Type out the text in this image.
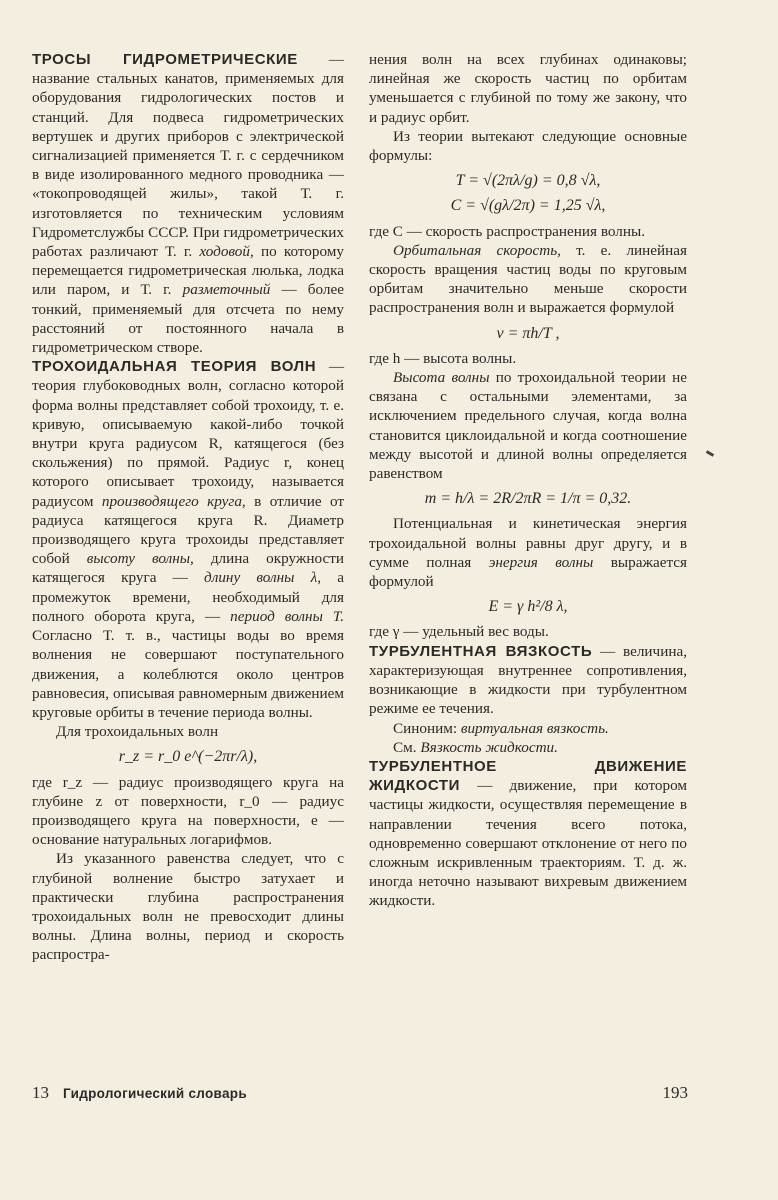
ТРОСЫ ГИДРОМЕТРИЧЕСКИЕ — название стальных канатов, применяемых для оборудования гидрологических постов и станций. Для подвеса гидрометрических вертушек и других приборов с электрической сигнализацией применяется Т. г. с сердечником в виде изолированного медного проводника — «токопроводящей жилы», такой Т. г. изготовляется по техническим условиям Гидрометслужбы СССР. При гидрометрических работах различают Т. г. ходовой, по которому перемещается гидрометрическая люлька, лодка или паром, и Т. г. разметочный — более тонкий, применяемый для отсчета по нему расстояний от постоянного начала в гидрометрическом створе.

ТРОХОИДАЛЬНАЯ ТЕОРИЯ ВОЛН — теория глубоководных волн, согласно которой форма волны представляет собой трохоиду, т. е. кривую, описываемую какой-либо точкой внутри круга радиусом R, катящегося (без скольжения) по прямой. Радиус r, конец которого описывает трохоиду, называется радиусом производящего круга, в отличие от радиуса катящегося круга R. Диаметр производящего круга трохоиды представляет собой высоту волны, длина окружности катящегося круга — длину волны λ, а промежуток времени, необходимый для полного оборота круга, — период волны T. Согласно Т. т. в., частицы воды во время волнения не совершают поступательного движения, а колеблются около центров равновесия, описывая равномерным движением круговые орбиты в течение периода волны.

Для трохоидальных волн

r_z = r_0 e^(−2πr/λ),

где r_z — радиус производящего круга на глубине z от поверхности, r_0 — радиус производящего круга на поверхности, e — основание натуральных логарифмов.

Из указанного равенства следует, что с глубиной волнение быстро затухает и практически глубина распространения трохоидальных волн не превосходит длины волны. Длина волны, период и скорость распростра-

нения волн на всех глубинах одинаковы; линейная же скорость частиц по орбитам уменьшается с глубиной по тому же закону, что и радиус орбит.

Из теории вытекают следующие основные формулы:

T = √(2πλ/g) = 0,8 √λ,

C = √(gλ/2π) = 1,25 √λ,

где C — скорость распространения волны.

Орбитальная скорость, т. е. линейная скорость вращения частиц воды по круговым орбитам значительно меньше скорости распространения волн и выражается формулой

v = πh/T ,

где h — высота волны.

Высота волны по трохоидальной теории не связана с остальными элементами, за исключением предельного случая, когда волна становится циклоидальной и когда соотношение между высотой и длиной волны определяется равенством

m = h/λ = 2R/2πR = 1/π = 0,32.

Потенциальная и кинетическая энергия трохоидальной волны равны друг другу, и в сумме полная энергия волны выражается формулой

E = γ h²/8 λ,

где γ — удельный вес воды.

ТУРБУЛЕНТНАЯ ВЯЗКОСТЬ — величина, характеризующая внутреннее сопротивления, возникающие в жидкости при турбулентном режиме ее течения.

Синоним: виртуальная вязкость.

См. Вязкость жидкости.

ТУРБУЛЕНТНОЕ ДВИЖЕНИЕ ЖИДКОСТИ — движение, при котором частицы жидкости, осуществляя перемещение в направлении течения всего потока, одновременно совершают отклонение от него по сложным искривленным траекториям. Т. д. ж. иногда неточно называют вихревым движением жидкости.

13 Гидрологический словарь	193
